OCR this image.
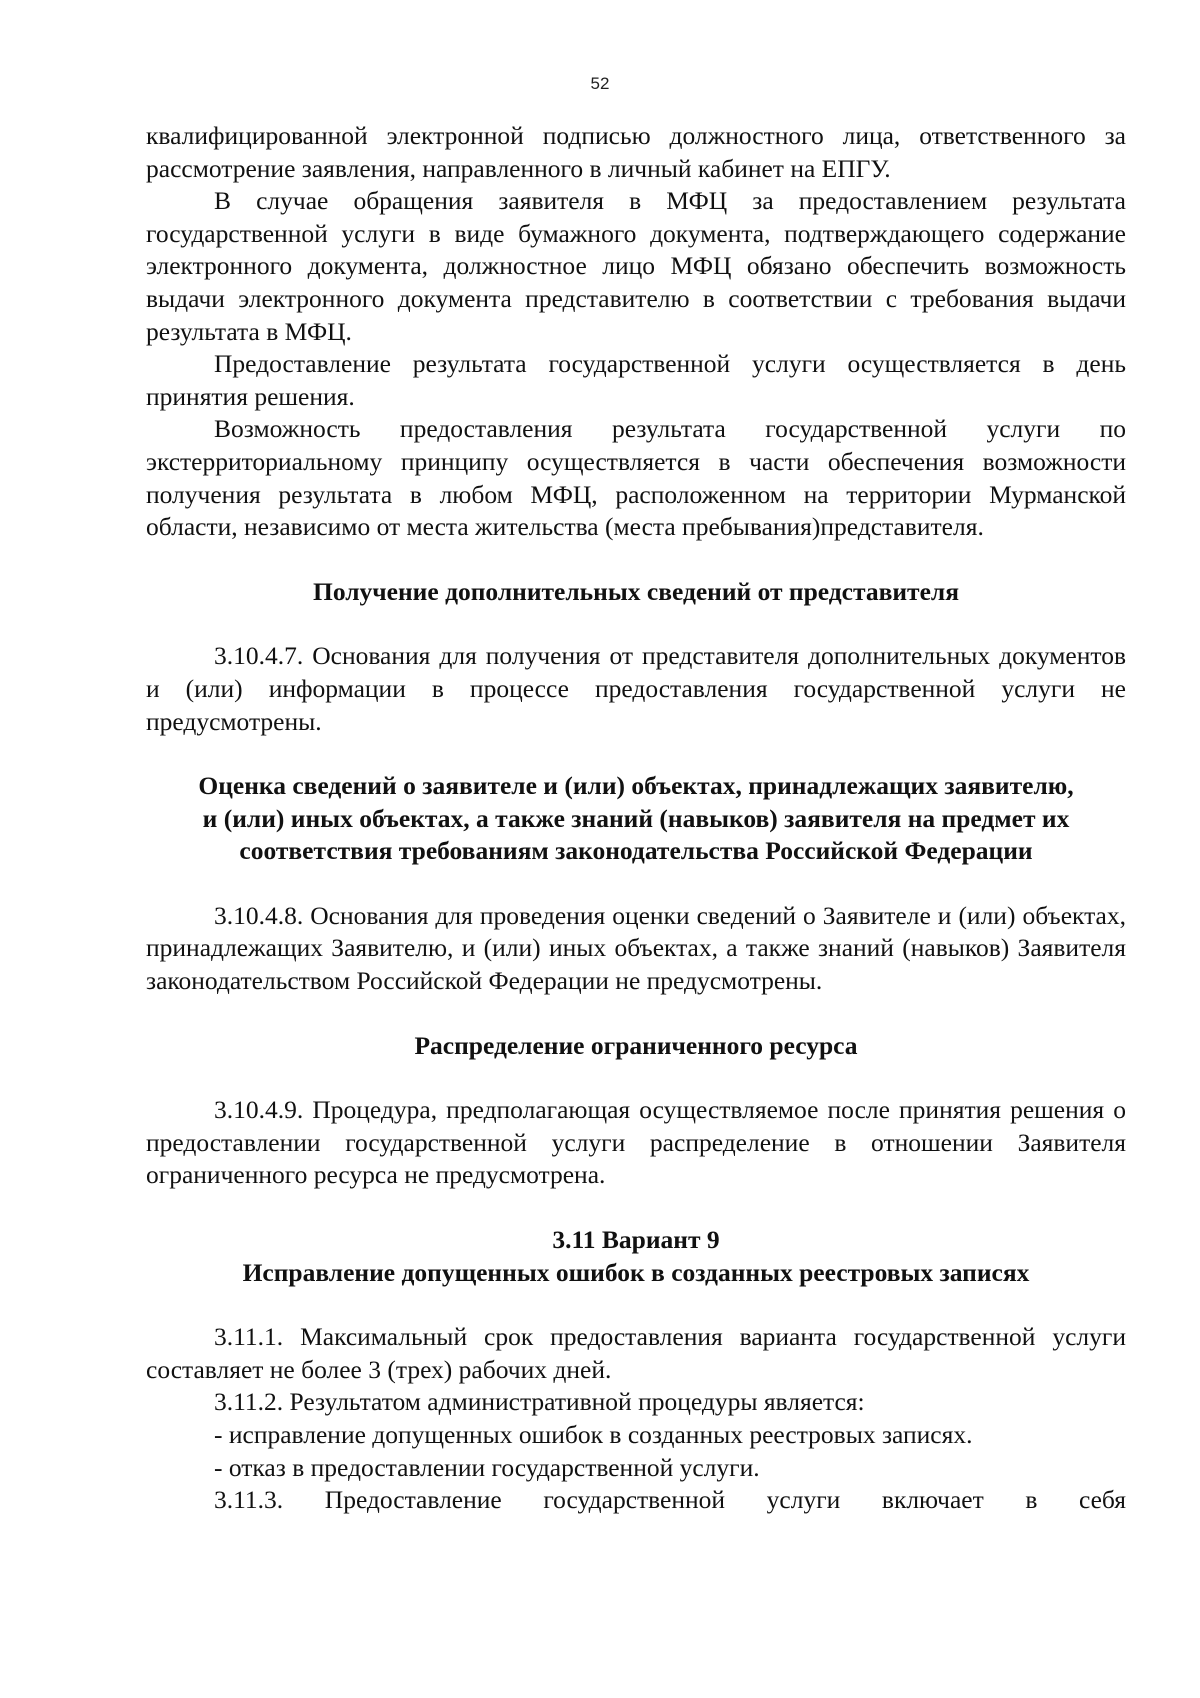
52

квалифицированной электронной подписью должностного лица, ответственного за рассмотрение заявления, направленного в личный кабинет на ЕПГУ.

В случае обращения заявителя в МФЦ за предоставлением результата государственной услуги в виде бумажного документа, подтверждающего содержание электронного документа, должностное лицо МФЦ обязано обеспечить возможность выдачи электронного документа представителю в соответствии с требования выдачи результата в МФЦ.

Предоставление результата государственной услуги осуществляется в день принятия решения.

Возможность предоставления результата государственной услуги по экстерриториальному принципу осуществляется в части обеспечения возможности получения результата в любом МФЦ, расположенном на территории Мурманской области, независимо от места жительства (места пребывания)представителя.

Получение дополнительных сведений от представителя

3.10.4.7. Основания для получения от представителя дополнительных документов и (или) информации в процессе предоставления государственной услуги не предусмотрены.

Оценка сведений о заявителе и (или) объектах, принадлежащих заявителю,

и (или) иных объектах, а также знаний (навыков) заявителя на предмет их

соответствия требованиям законодательства Российской Федерации

3.10.4.8. Основания для проведения оценки сведений о Заявителе и (или) объектах, принадлежащих Заявителю, и (или) иных объектах, а также знаний (навыков) Заявителя законодательством Российской Федерации не предусмотрены.

Распределение ограниченного ресурса

3.10.4.9. Процедура, предполагающая осуществляемое после принятия решения о предоставлении государственной услуги распределение в отношении Заявителя ограниченного ресурса не предусмотрена.

3.11 Вариант 9

Исправление допущенных ошибок в созданных реестровых записях

3.11.1. Максимальный срок предоставления варианта государственной услуги составляет не более 3 (трех) рабочих дней.

3.11.2. Результатом административной процедуры является:

- исправление допущенных ошибок в созданных реестровых записях.

- отказ в предоставлении государственной услуги.

3.11.3. Предоставление государственной услуги включает в себя
